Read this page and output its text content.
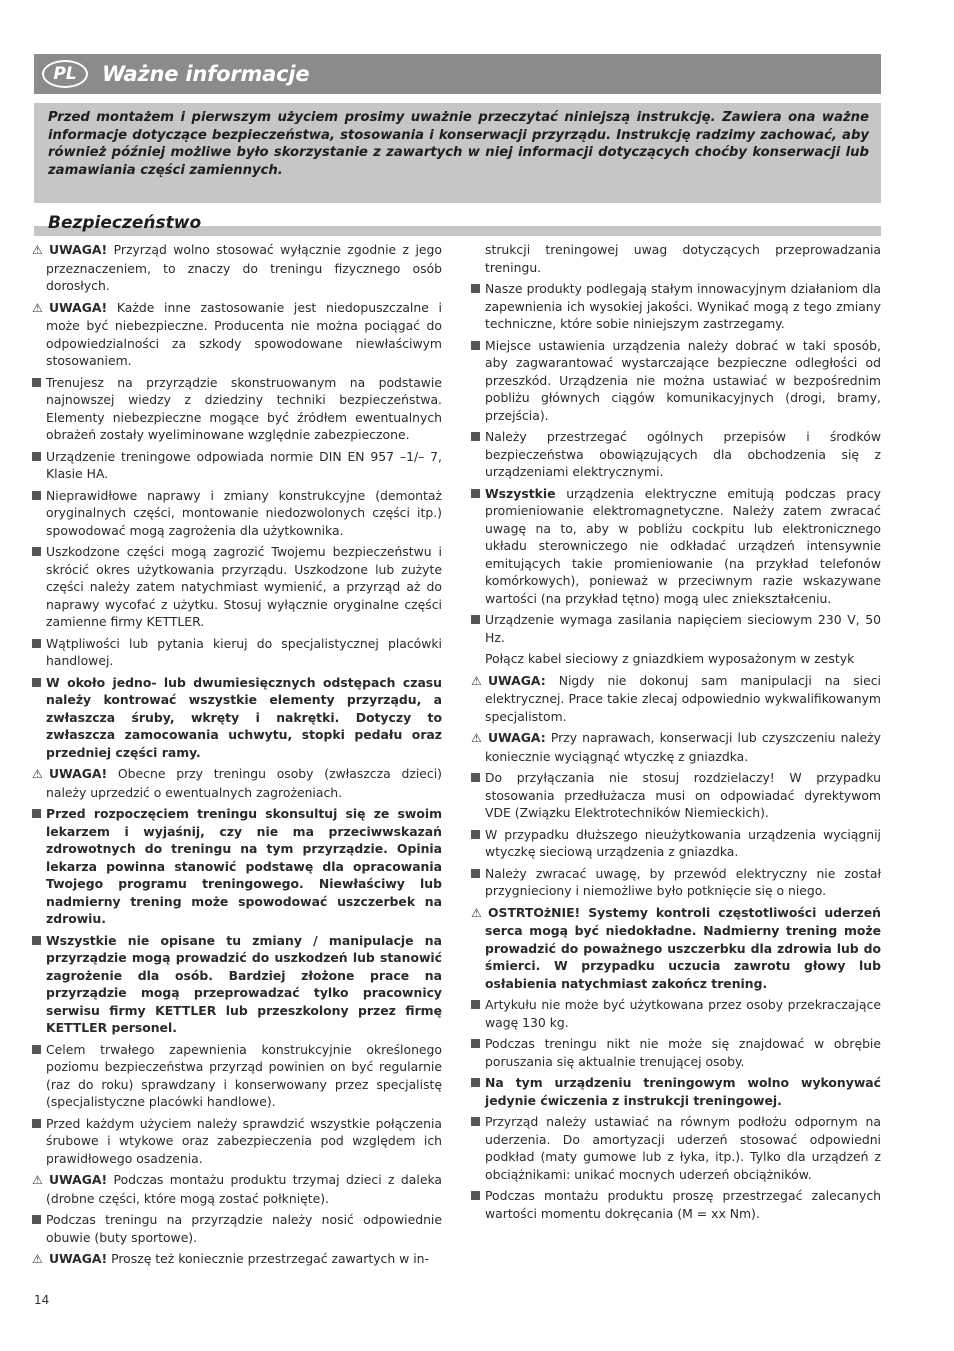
PL	Ważne informacje
Przed montażem i pierwszym użyciem prosimy uważnie przeczytać niniejszą instrukcję. Zawiera ona ważne informacje dotyczące bezpieczeństwa, stosowania i konserwacji przyrządu. Instrukcję radzimy zachować, aby również później możliwe było skorzystanie z zawartych w niej informacji dotyczących choćby konserwacji lub zamawiania części zamiennych.
Bezpieczeństwo

⚠ UWAGA! Przyrząd wolno stosować wyłącznie zgodnie z jego przeznaczeniem, to znaczy do treningu fizycznego osób dorosłych.

⚠ UWAGA! Każde inne zastosowanie jest niedopuszczalne i może być niebezpieczne. Producenta nie można pociągać do odpowiedzialności za szkody spowodowane niewłaściwym stosowaniem.

Trenujesz na przyrządzie skonstruowanym na podstawie najnowszej wiedzy z dziedziny techniki bezpieczeństwa. Elementy niebezpieczne mogące być źródłem ewentualnych obrażeń zostały wyeliminowane względnie zabezpieczone.

Urządzenie treningowe odpowiada normie DIN EN 957 –1/– 7, Klasie HA.

Nieprawidłowe naprawy i zmiany konstrukcyjne (demontaż oryginalnych części, montowanie niedozwolonych części itp.) spowodować mogą zagrożenia dla użytkownika.

Uszkodzone części mogą zagrozić Twojemu bezpieczeństwu i skrócić okres użytkowania przyrządu. Uszkodzone lub zużyte części należy zatem natychmiast wymienić, a przyrząd aż do naprawy wycofać z użytku. Stosuj wyłącznie oryginalne części zamienne firmy KETTLER.

Wątpliwości lub pytania kieruj do specjalistycznej placówki handlowej.

W około jedno- lub dwumiesięcznych odstępach czasu należy kontrować wszystkie elementy przyrządu, a zwłaszcza śruby, wkręty i nakrętki. Dotyczy to zwłaszcza zamocowania uchwytu, stopki pedału oraz przedniej części ramy.

⚠ UWAGA! Obecne przy treningu osoby (zwłaszcza dzieci) należy uprzedzić o ewentualnych zagrożeniach.

Przed rozpoczęciem treningu skonsultuj się ze swoim lekarzem i wyjaśnij, czy nie ma przeciwwskazań zdrowotnych do treningu na tym przyrządzie. Opinia lekarza powinna stanowić podstawę dla opracowania Twojego programu treningowego. Niewłaściwy lub nadmierny trening może spowodować uszczerbek na zdrowiu.

Wszystkie nie opisane tu zmiany / manipulacje na przyrządzie mogą prowadzić do uszkodzeń lub stanowić zagrożenie dla osób. Bardziej złożone prace na przyrządzie mogą przeprowadzać tylko pracownicy serwisu firmy KETTLER lub przeszkolony przez firmę KETTLER personel.

Celem trwałego zapewnienia konstrukcyjnie określonego poziomu bezpieczeństwa przyrząd powinien on być regularnie (raz do roku) sprawdzany i konserwowany przez specjalistę (specjalistyczne placówki handlowe).

Przed każdym użyciem należy sprawdzić wszystkie połączenia śrubowe i wtykowe oraz zabezpieczenia pod względem ich prawidłowego osadzenia.

⚠ UWAGA! Podczas montażu produktu trzymaj dzieci z daleka (drobne części, które mogą zostać połknięte).

Podczas treningu na przyrządzie należy nosić odpowiednie obuwie (buty sportowe).

⚠ UWAGA! Proszę też koniecznie przestrzegać zawartych w in-

strukcji treningowej uwag dotyczących przeprowadzania treningu.

Nasze produkty podlegają stałym innowacyjnym działaniom dla zapewnienia ich wysokiej jakości. Wynikać mogą z tego zmiany techniczne, które sobie niniejszym zastrzegamy.

Miejsce ustawienia urządzenia należy dobrać w taki sposób, aby zagwarantować wystarczające bezpieczne odległości od przeszkód. Urządzenia nie można ustawiać w bezpośrednim pobliżu głównych ciągów komunikacyjnych (drogi, bramy, przejścia).

Należy przestrzegać ogólnych przepisów i środków bezpieczeństwa obowiązujących dla obchodzenia się z urządzeniami elektrycznymi.

Wszystkie urządzenia elektryczne emitują podczas pracy promieniowanie elektromagnetyczne. Należy zatem zwracać uwagę na to, aby w pobliżu cockpitu lub elektronicznego układu sterowniczego nie odkładać urządzeń intensywnie emitujących takie promieniowanie (na przykład telefonów komórkowych), ponieważ w przeciwnym razie wskazywane wartości (na przykład tętno) mogą ulec zniekształceniu.

Urządzenie wymaga zasilania napięciem sieciowym 230 V, 50 Hz.

Połącz kabel sieciowy z gniazdkiem wyposażonym w zestyk

⚠ UWAGA: Nigdy nie dokonuj sam manipulacji na sieci elektrycznej. Prace takie zlecaj odpowiednio wykwalifikowanym specjalistom.

⚠ UWAGA: Przy naprawach, konserwacji lub czyszczeniu należy koniecznie wyciągnąć wtyczkę z gniazdka.

Do przyłączania nie stosuj rozdzielaczy! W przypadku stosowania przedłużacza musi on odpowiadać dyrektywom VDE (Związku Elektrotechników Niemieckich).

W przypadku dłuższego nieużytkowania urządzenia wyciągnij wtyczkę sieciową urządzenia z gniazdka.

Należy zwracać uwagę, by przewód elektryczny nie został przygnieciony i niemożliwe było potknięcie się o niego.

⚠ OSTRTOżNIE! Systemy kontroli częstotliwości uderzeń serca mogą być niedokładne. Nadmierny trening może prowadzić do poważnego uszczerbku dla zdrowia lub do śmierci. W przypadku uczucia zawrotu głowy lub osłabienia natychmiast zakończ trening.

Artykułu nie może być użytkowana przez osoby przekraczające wagę 130 kg.

Podczas treningu nikt nie może się znajdować w obrębie poruszania się aktualnie trenującej osoby.

Na tym urządzeniu treningowym wolno wykonywać jedynie ćwiczenia z instrukcji treningowej.

Przyrząd należy ustawiać na równym podłożu odpornym na uderzenia. Do amortyzacji uderzeń stosować odpowiedni podkład (maty gumowe lub z łyka, itp.). Tylko dla urządzeń z obciążnikami: unikać mocnych uderzeń obciążników.

Podczas montażu produktu proszę przestrzegać zalecanych wartości momentu dokręcania (M = xx Nm).

14
